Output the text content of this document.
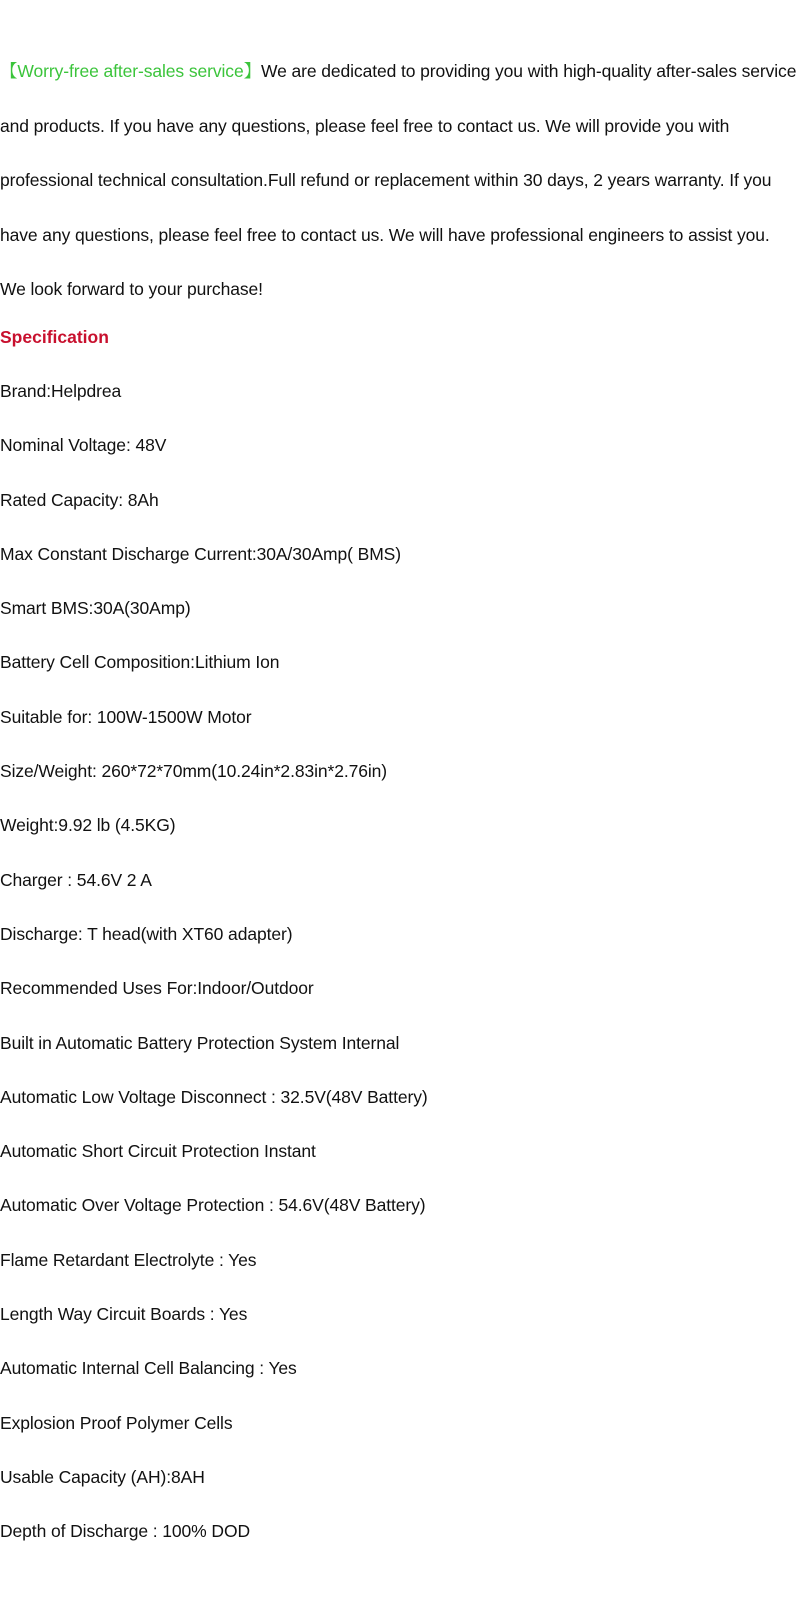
【Worry-free after-sales service】We are dedicated to providing you with high-quality after-sales service and products. If you have any questions, please feel free to contact us. We will provide you with professional technical consultation.Full refund or replacement within 30 days, 2 years warranty. If you have any questions, please feel free to contact us. We will have professional engineers to assist you. We look forward to your purchase!

Specification
Brand:Helpdrea
Nominal Voltage: 48V
Rated Capacity: 8Ah
Max Constant Discharge Current:30A/30Amp( BMS)
Smart BMS:30A(30Amp)
Battery Cell Composition:Lithium Ion
Suitable for: 100W-1500W Motor
Size/Weight: 260*72*70mm(10.24in*2.83in*2.76in)
Weight:9.92 lb (4.5KG)
Charger : 54.6V 2 A
Discharge: T head(with XT60 adapter)
Recommended Uses For:Indoor/Outdoor
Built in Automatic Battery Protection System Internal
Automatic Low Voltage Disconnect : 32.5V(48V Battery)
Automatic Short Circuit Protection Instant
Automatic Over Voltage Protection : 54.6V(48V Battery)
Flame Retardant Electrolyte : Yes
Length Way Circuit Boards : Yes
Automatic Internal Cell Balancing : Yes
Explosion Proof Polymer Cells
Usable Capacity (AH):8AH
Depth of Discharge : 100% DOD
